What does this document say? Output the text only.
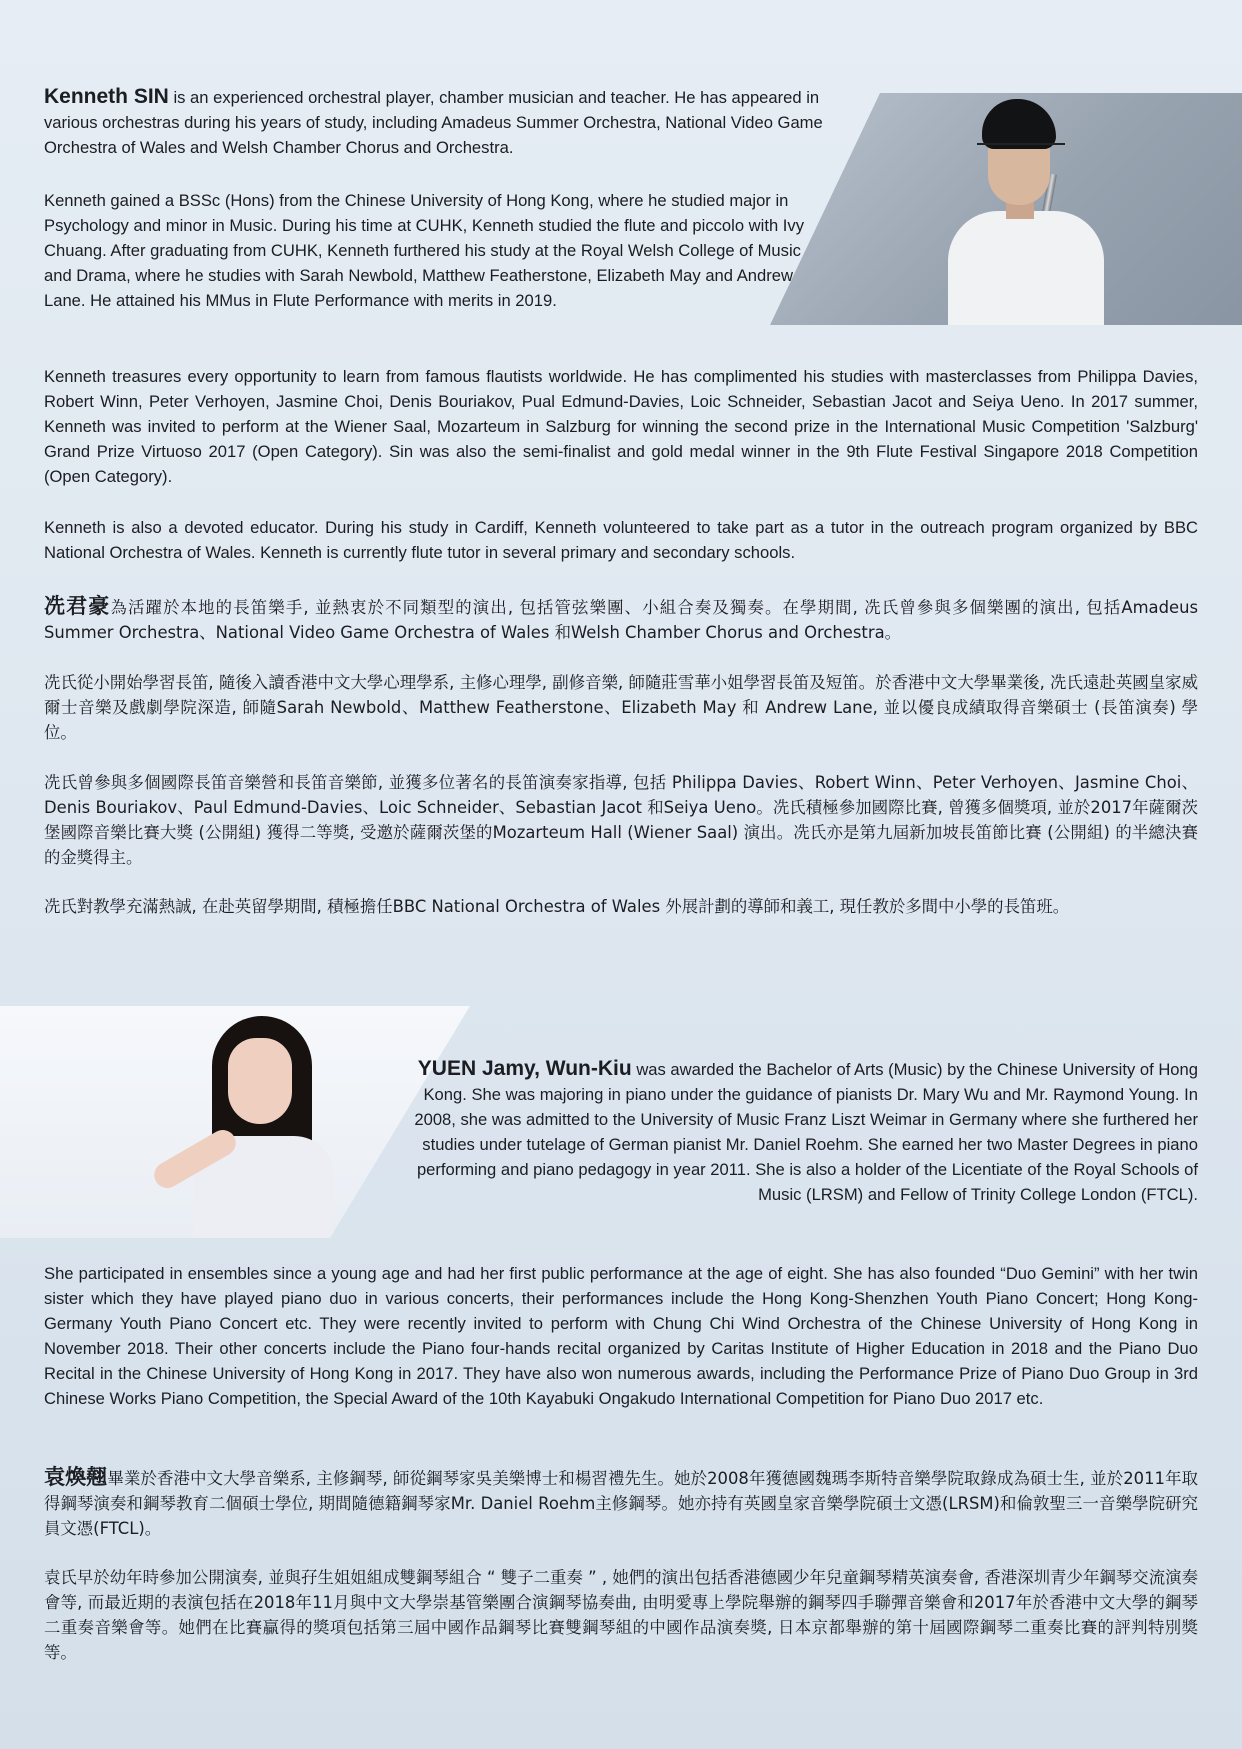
Kenneth SIN is an experienced orchestral player, chamber musician and teacher. He has appeared in various orchestras during his years of study, including Amadeus Summer Orchestra, National Video Game Orchestra of Wales and Welsh Chamber Chorus and Orchestra.

Kenneth gained a BSSc (Hons) from the Chinese University of Hong Kong, where he studied major in Psychology and minor in Music. During his time at CUHK, Kenneth studied the flute and piccolo with Ivy Chuang. After graduating from CUHK, Kenneth furthered his study at the Royal Welsh College of Music and Drama, where he studies with Sarah Newbold, Matthew Featherstone, Elizabeth May and Andrew Lane. He attained his MMus in Flute Performance with merits in 2019.

Kenneth treasures every opportunity to learn from famous flautists worldwide. He has complimented his studies with masterclasses from Philippa Davies, Robert Winn, Peter Verhoyen, Jasmine Choi, Denis Bouriakov, Pual Edmund-Davies, Loic Schneider, Sebastian Jacot and Seiya Ueno. In 2017 summer, Kenneth was invited to perform at the Wiener Saal, Mozarteum in Salzburg for winning the second prize in the International Music Competition 'Salzburg' Grand Prize Virtuoso 2017 (Open Category). Sin was also the semi-finalist and gold medal winner in the 9th Flute Festival Singapore 2018 Competition (Open Category).

Kenneth is also a devoted educator. During his study in Cardiff, Kenneth volunteered to take part as a tutor in the outreach program organized by BBC National Orchestra of Wales. Kenneth is currently flute tutor in several primary and secondary schools.

冼君豪為活躍於本地的長笛樂手, 並熱衷於不同類型的演出, 包括管弦樂團、小組合奏及獨奏。在學期間, 冼氏曾參與多個樂團的演出, 包括Amadeus Summer Orchestra、National Video Game Orchestra of Wales 和Welsh Chamber Chorus and Orchestra。

冼氏從小開始學習長笛, 隨後入讀香港中文大學心理學系, 主修心理學, 副修音樂, 師隨莊雪華小姐學習長笛及短笛。於香港中文大學畢業後, 冼氏遠赴英國皇家威爾士音樂及戲劇學院深造, 師隨Sarah Newbold、Matthew Featherstone、Elizabeth May 和 Andrew Lane, 並以優良成績取得音樂碩士 (長笛演奏) 學位。

冼氏曾參與多個國際長笛音樂營和長笛音樂節, 並獲多位著名的長笛演奏家指導, 包括 Philippa Davies、Robert Winn、Peter Verhoyen、Jasmine Choi、Denis Bouriakov、Paul Edmund-Davies、Loic Schneider、Sebastian Jacot 和Seiya Ueno。冼氏積極參加國際比賽, 曾獲多個獎項, 並於2017年薩爾茨堡國際音樂比賽大獎 (公開組) 獲得二等獎, 受邀於薩爾茨堡的Mozarteum Hall (Wiener Saal) 演出。冼氏亦是第九屆新加坡長笛節比賽 (公開組) 的半總決賽的金獎得主。

冼氏對教學充滿熱誠, 在赴英留學期間, 積極擔任BBC National Orchestra of Wales 外展計劃的導師和義工, 現任教於多間中小學的長笛班。

YUEN Jamy, Wun-Kiu was awarded the Bachelor of Arts (Music) by the Chinese University of Hong Kong. She was majoring in piano under the guidance of pianists Dr. Mary Wu and Mr. Raymond Young. In 2008, she was admitted to the University of Music Franz Liszt Weimar in Germany where she furthered her studies under tutelage of German pianist Mr. Daniel Roehm. She earned her two Master Degrees in piano performing and piano pedagogy in year 2011. She is also a holder of the Licentiate of the Royal Schools of Music (LRSM) and Fellow of Trinity College London (FTCL).

She participated in ensembles since a young age and had her first public performance at the age of eight. She has also founded “Duo Gemini” with her twin sister which they have played piano duo in various concerts, their performances include the Hong Kong-Shenzhen Youth Piano Concert; Hong Kong-Germany Youth Piano Concert etc. They were recently invited to perform with Chung Chi Wind Orchestra of the Chinese University of Hong Kong in November 2018. Their other concerts include the Piano four-hands recital organized by Caritas Institute of Higher Education in 2018 and the Piano Duo Recital in the Chinese University of Hong Kong in 2017. They have also won numerous awards, including the Performance Prize of Piano Duo Group in 3rd Chinese Works Piano Competition, the Special Award of the 10th Kayabuki Ongakudo International Competition for Piano Duo 2017 etc.

袁煥翹畢業於香港中文大學音樂系, 主修鋼琴, 師從鋼琴家吳美樂博士和楊習禮先生。她於2008年獲德國魏瑪李斯特音樂學院取錄成為碩士生, 並於2011年取得鋼琴演奏和鋼琴教育二個碩士學位, 期間隨德籍鋼琴家Mr. Daniel Roehm主修鋼琴。她亦持有英國皇家音樂學院碩士文憑(LRSM)和倫敦聖三一音樂學院研究員文憑(FTCL)。

袁氏早於幼年時參加公開演奏, 並與孖生姐姐組成雙鋼琴組合 “ 雙子二重奏 ” , 她們的演出包括香港德國少年兒童鋼琴精英演奏會, 香港深圳青少年鋼琴交流演奏會等, 而最近期的表演包括在2018年11月與中文大學崇基管樂團合演鋼琴協奏曲, 由明愛專上學院舉辦的鋼琴四手聯彈音樂會和2017年於香港中文大學的鋼琴二重奏音樂會等。她們在比賽贏得的獎項包括第三屆中國作品鋼琴比賽雙鋼琴組的中國作品演奏獎, 日本京都舉辦的第十屆國際鋼琴二重奏比賽的評判特別獎等。
